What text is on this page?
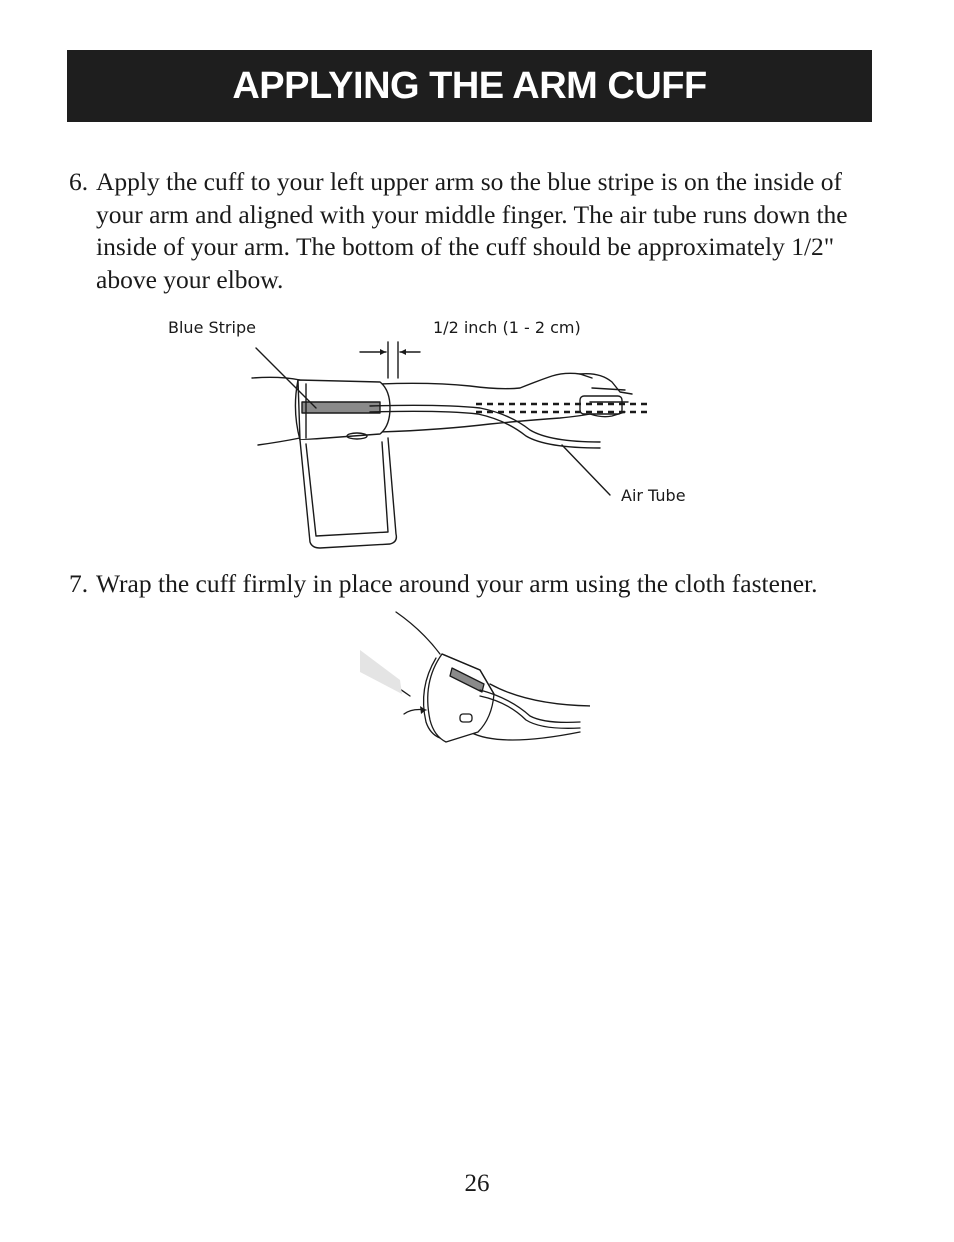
APPLYING THE ARM CUFF
6. Apply the cuff to your left upper arm so the blue stripe is on the inside of your arm and aligned with your middle finger. The air tube runs down the inside of your arm. The bottom of the cuff should be approximately 1/2" above your elbow.
Blue Stripe	1/2 inch (1 - 2 cm)
Air Tube
7. Wrap the cuff firmly in place around your arm using the cloth fastener.
26
